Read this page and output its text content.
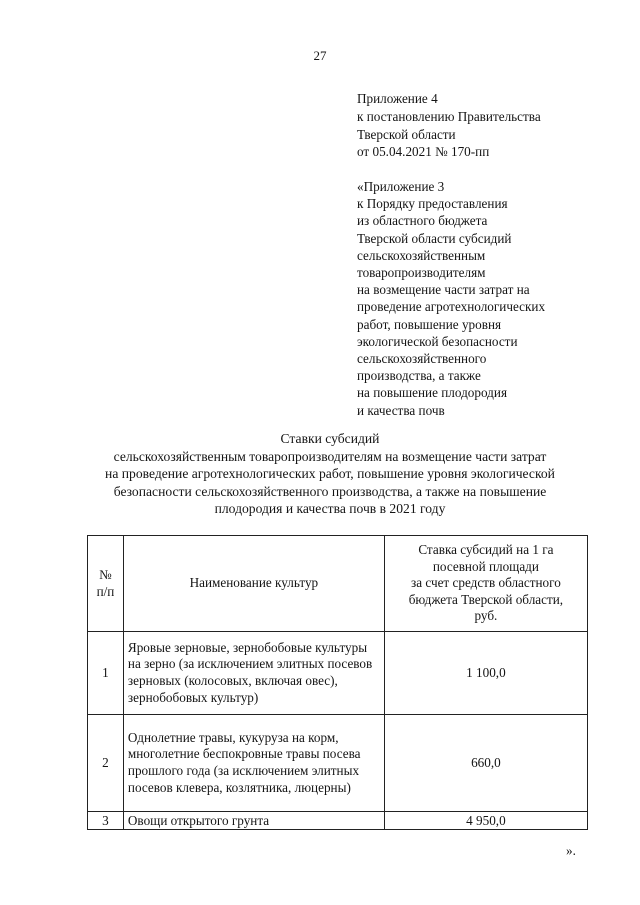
27
Приложение 4
к постановлению Правительства
Тверской области
от 05.04.2021 № 170-пп
«Приложение 3
к Порядку предоставления
из областного бюджета
Тверской области субсидий
сельскохозяйственным
товаропроизводителям
на возмещение части затрат на
проведение агротехнологических
работ, повышение уровня
экологической безопасности
сельскохозяйственного
производства, а также
на повышение плодородия
и качества почв
Ставки субсидий
сельскохозяйственным товаропроизводителям на возмещение части затрат
на проведение агротехнологических работ, повышение уровня экологической
безопасности сельскохозяйственного производства, а также на повышение
плодородия и качества почв в 2021 году
№
п/п	Наименование культур	Ставка субсидий на 1 га
посевной площади
за счет средств областного
бюджета Тверской области,
руб.
1	Яровые зерновые, зернобобовые культуры на зерно (за исключением элитных посевов зерновых (колосовых, включая овес), зернобобовых культур)	1 100,0
2	Однолетние травы, кукуруза на корм, многолетние беспокровные травы посева прошлого года (за исключением элитных посевов клевера, козлятника, люцерны)	660,0
3	Овощи открытого грунта	4 950,0
».
